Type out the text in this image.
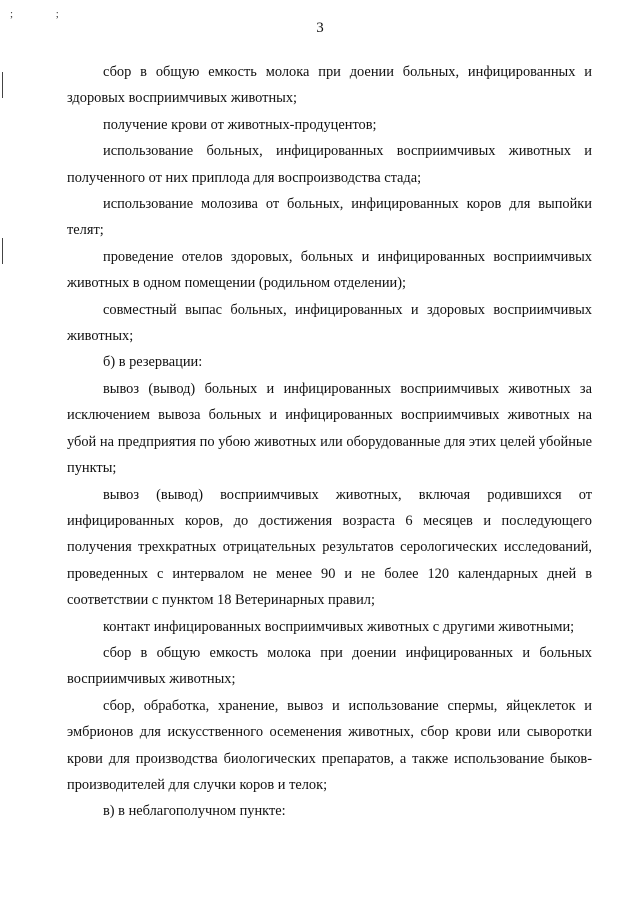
; ;
3

сбор в общую емкость молока при доении больных, инфицированных и здоровых восприимчивых животных;

получение крови от животных-продуцентов;

использование больных, инфицированных восприимчивых животных и полученного от них приплода для воспроизводства стада;

использование молозива от больных, инфицированных коров для выпойки телят;

проведение отелов здоровых, больных и инфицированных восприимчивых животных в одном помещении (родильном отделении);

совместный выпас больных, инфицированных и здоровых восприимчивых животных;

б) в резервации:

вывоз (вывод) больных и инфицированных восприимчивых животных за исключением вывоза больных и инфицированных восприимчивых животных на убой на предприятия по убою животных или оборудованные для этих целей убойные пункты;

вывоз (вывод) восприимчивых животных, включая родившихся от инфицированных коров, до достижения возраста 6 месяцев и последующего получения трехкратных отрицательных результатов серологических исследований, проведенных с интервалом не менее 90 и не более 120 календарных дней в соответствии с пунктом 18 Ветеринарных правил;

контакт инфицированных восприимчивых животных с другими животными;

сбор в общую емкость молока при доении инфицированных и больных восприимчивых животных;

сбор, обработка, хранение, вывоз и использование спермы, яйцеклеток и эмбрионов для искусственного осеменения животных, сбор крови или сыворотки крови для производства биологических препаратов, а также использование быков-производителей для случки коров и телок;

в) в неблагополучном пункте:
